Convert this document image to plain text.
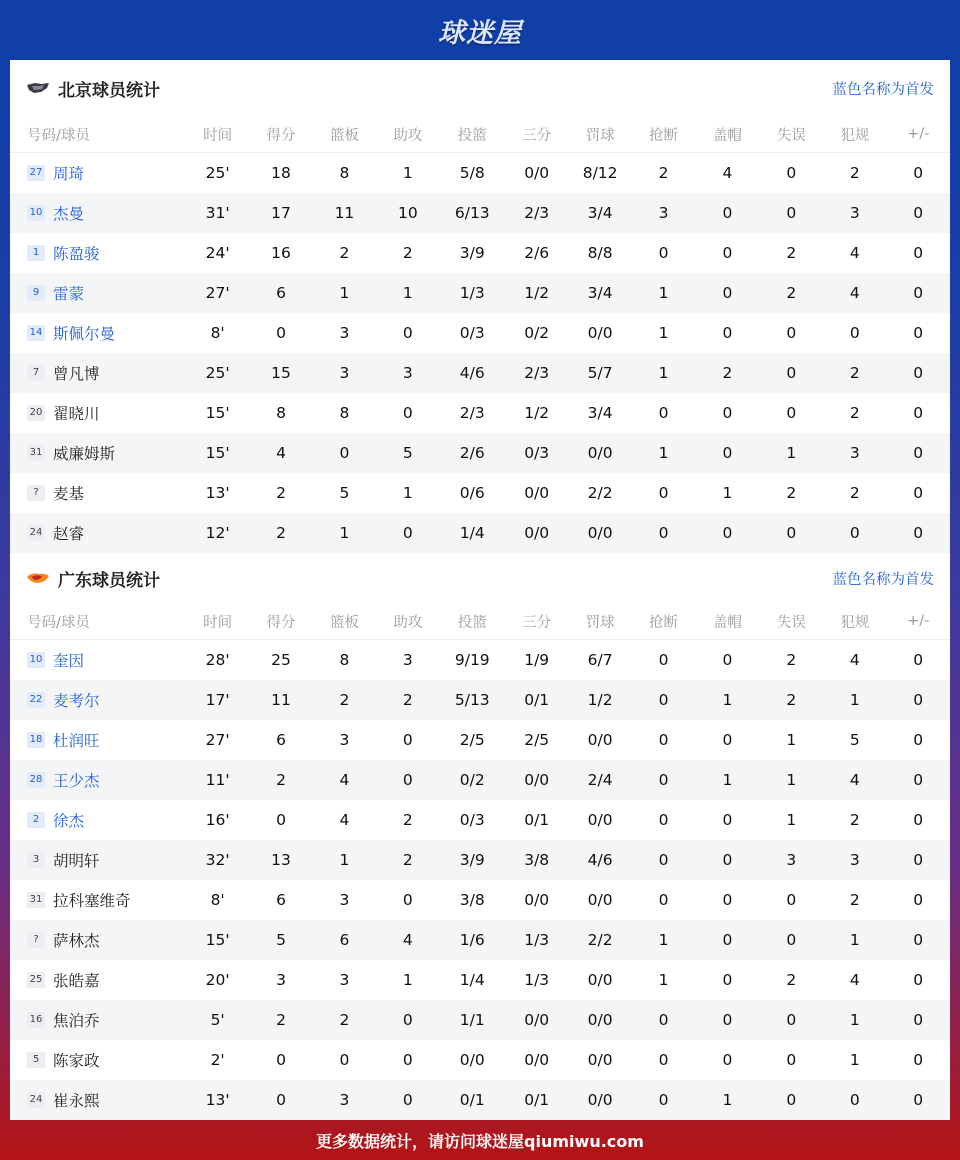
球迷屋
北京球员统计	蓝色名称为首发
号码/球员	时间	得分	篮板	助攻	投篮	三分	罚球	抢断	盖帽	失误	犯规	+/-
27 周琦	25'	18	8	1	5/8	0/0	8/12	2	4	0	2	0
10 杰曼	31'	17	11	10	6/13	2/3	3/4	3	0	0	3	0
1 陈盈骏	24'	16	2	2	3/9	2/6	8/8	0	0	2	4	0
9 雷蒙	27'	6	1	1	1/3	1/2	3/4	1	0	2	4	0
14 斯佩尔曼	8'	0	3	0	0/3	0/2	0/0	1	0	0	0	0
7 曾凡博	25'	15	3	3	4/6	2/3	5/7	1	2	0	2	0
20 翟晓川	15'	8	8	0	2/3	1/2	3/4	0	0	0	2	0
31 威廉姆斯	15'	4	0	5	2/6	0/3	0/0	1	0	1	3	0
? 麦基	13'	2	5	1	0/6	0/0	2/2	0	1	2	2	0
24 赵睿	12'	2	1	0	1/4	0/0	0/0	0	0	0	0	0
广东球员统计	蓝色名称为首发
号码/球员	时间	得分	篮板	助攻	投篮	三分	罚球	抢断	盖帽	失误	犯规	+/-
10 奎因	28'	25	8	3	9/19	1/9	6/7	0	0	2	4	0
22 麦考尔	17'	11	2	2	5/13	0/1	1/2	0	1	2	1	0
18 杜润旺	27'	6	3	0	2/5	2/5	0/0	0	0	1	5	0
28 王少杰	11'	2	4	0	0/2	0/0	2/4	0	1	1	4	0
2 徐杰	16'	0	4	2	0/3	0/1	0/0	0	0	1	2	0
3 胡明轩	32'	13	1	2	3/9	3/8	4/6	0	0	3	3	0
31 拉科塞维奇	8'	6	3	0	3/8	0/0	0/0	0	0	0	2	0
? 萨林杰	15'	5	6	4	1/6	1/3	2/2	1	0	0	1	0
25 张皓嘉	20'	3	3	1	1/4	1/3	0/0	1	0	2	4	0
16 焦泊乔	5'	2	2	0	1/1	0/0	0/0	0	0	0	1	0
5 陈家政	2'	0	0	0	0/0	0/0	0/0	0	0	0	1	0
24 崔永熙	13'	0	3	0	0/1	0/1	0/0	0	1	0	0	0
更多数据统计，请访问球迷屋qiumiwu.com
